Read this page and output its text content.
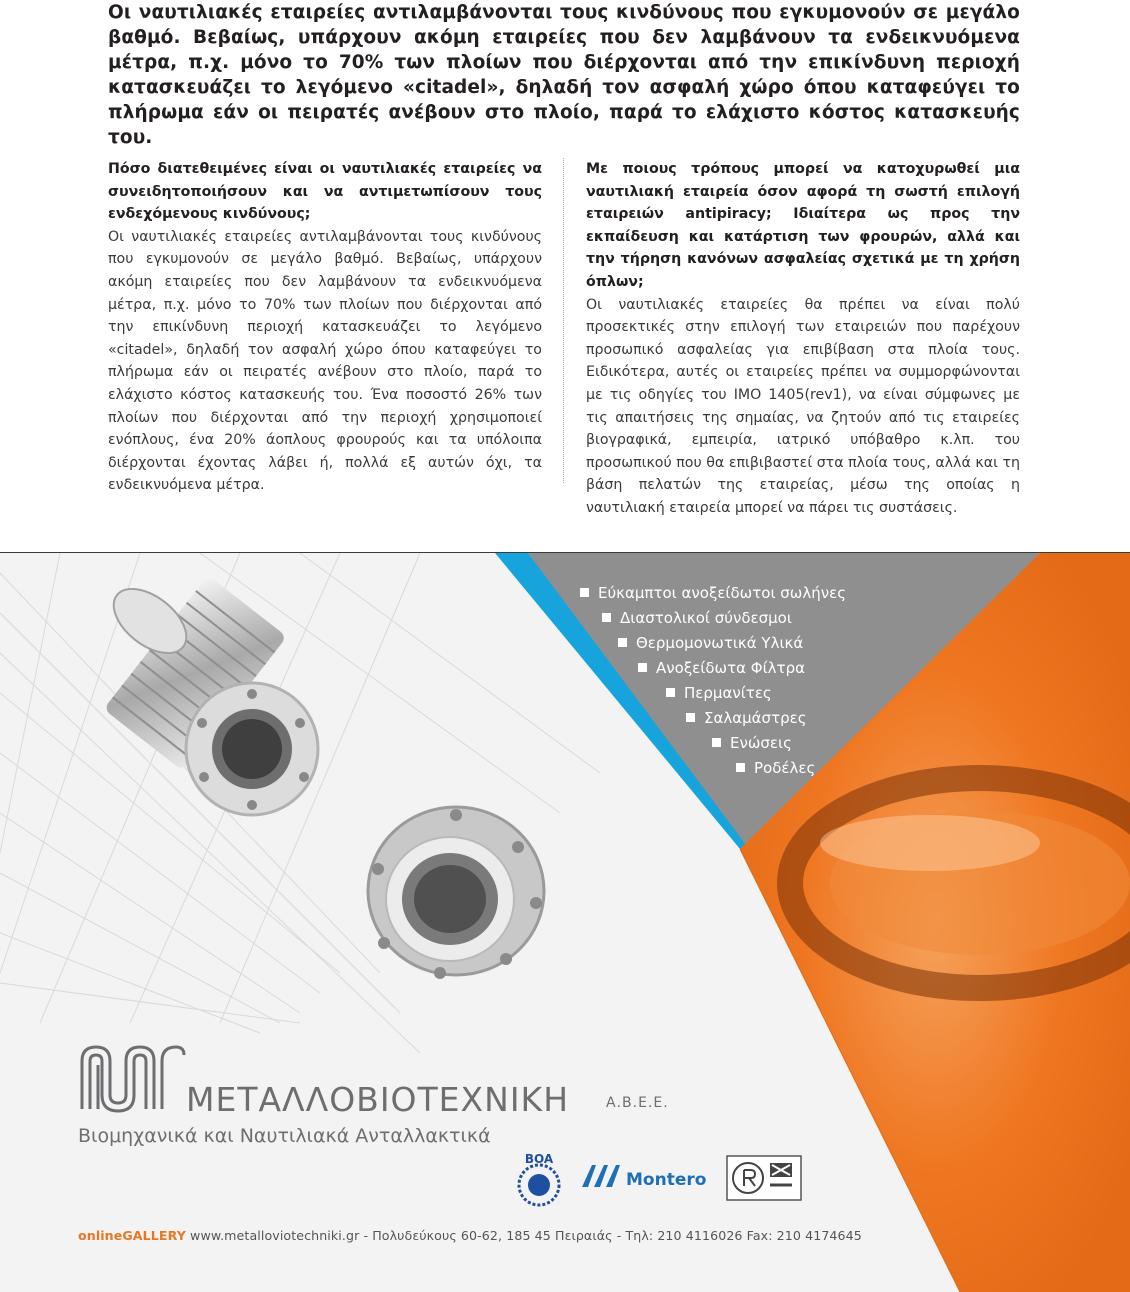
Οι ναυτιλιακές εταιρείες αντιλαμβάνονται τους κινδύνους που εγκυμονούν σε μεγάλο βαθμό. Βεβαίως, υπάρχουν ακόμη εταιρείες που δεν λαμβάνουν τα ενδεικνυόμενα μέτρα, π.χ. μόνο το 70% των πλοίων που διέρχονται από την επικίνδυνη περιοχή κατασκευάζει το λεγόμενο «citadel», δηλαδή τον ασφαλή χώρο όπου καταφεύγει το πλήρωμα εάν οι πειρατές ανέβουν στο πλοίο, παρά το ελάχιστο κόστος κατασκευής του.
Πόσο διατεθειμένες είναι οι ναυτιλιακές εταιρείες να συνειδητοποιήσουν και να αντιμετωπίσουν τους ενδεχόμενους κινδύνους;
Οι ναυτιλιακές εταιρείες αντιλαμβάνονται τους κινδύνους που εγκυμονούν σε μεγάλο βαθμό. Βεβαίως, υπάρχουν ακόμη εταιρείες που δεν λαμβάνουν τα ενδεικνυόμενα μέτρα, π.χ. μόνο το 70% των πλοίων που διέρχονται από την επικίνδυνη περιοχή κατασκευάζει το λεγόμενο «citadel», δηλαδή τον ασφαλή χώρο όπου καταφεύγει το πλήρωμα εάν οι πειρατές ανέβουν στο πλοίο, παρά το ελάχιστο κόστος κατασκευής του. Ένα ποσοστό 26% των πλοίων που διέρχονται από την περιοχή χρησιμοποιεί ενόπλους, ένα 20% άοπλους φρουρούς και τα υπόλοιπα διέρχονται έχοντας λάβει ή, πολλά εξ αυτών όχι, τα ενδεικνυόμενα μέτρα.
Με ποιους τρόπους μπορεί να κατοχυρωθεί μια ναυτιλιακή εταιρεία όσον αφορά τη σωστή επιλογή εταιρειών antipiracy; Ιδιαίτερα ως προς την εκπαίδευση και κατάρτιση των φρουρών, αλλά και την τήρηση κανόνων ασφαλείας σχετικά με τη χρήση όπλων;
Οι ναυτιλιακές εταιρείες θα πρέπει να είναι πολύ προσεκτικές στην επιλογή των εταιρειών που παρέχουν προσωπικό ασφαλείας για επιβίβαση στα πλοία τους. Ειδικότερα, αυτές οι εταιρείες πρέπει να συμμορφώνονται με τις οδηγίες του IMO 1405(rev1), να είναι σύμφωνες με τις απαιτήσεις της σημαίας, να ζητούν από τις εταιρείες βιογραφικά, εμπειρία, ιατρικό υπόβαθρο κ.λπ. του προσωπικού που θα επιβιβαστεί στα πλοία τους, αλλά και τη βάση πελατών της εταιρείας, μέσω της οποίας η ναυτιλιακή εταιρεία μπορεί να πάρει τις συστάσεις.
Εύκαμπτοι ανοξείδωτοι σωλήνες
Διαστολικοί σύνδεσμοι
Θερμομονωτικά Υλικά
Ανοξείδωτα Φίλτρα
Περμανίτες
Σαλαμάστρες
Ενώσεις
Ροδέλες
ΜΕΤΑΛΛΟΒΙΟΤΕΧΝΙΚΗ	Α.Β.Ε.Ε.
Βιομηχανικά και Ναυτιλιακά Ανταλλακτικά
BOA
Montero
onlineGALLERY www.metalloviotechniki.gr - Πολυδεύκους 60-62, 185 45 Πειραιάς - Τηλ: 210 4116026 Fax: 210 4174645
